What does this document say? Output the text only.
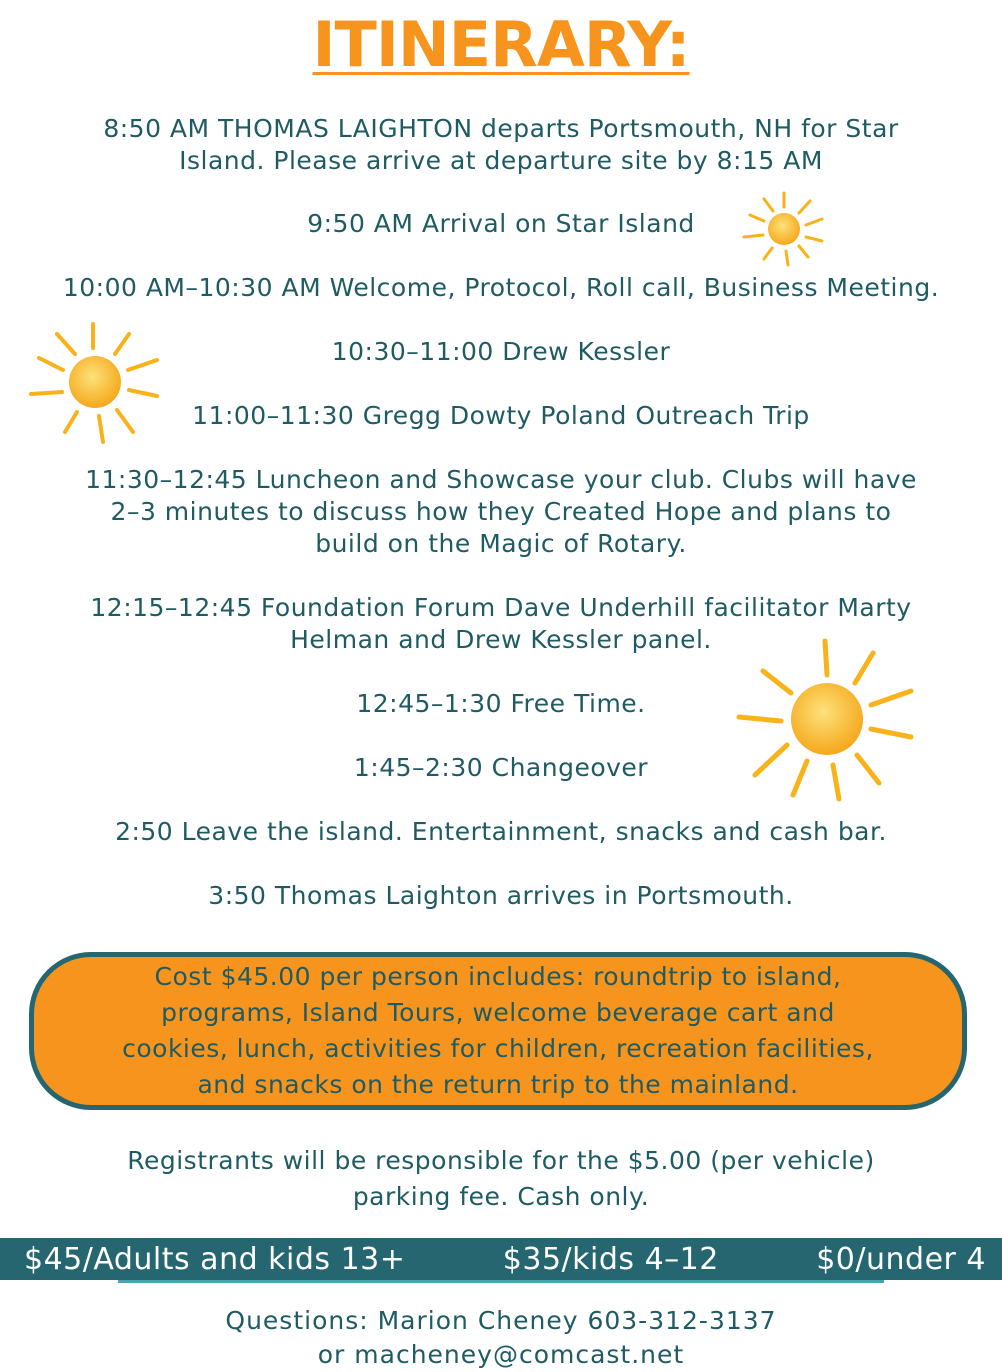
ITINERARY:
8:50 AM THOMAS LAIGHTON departs Portsmouth, NH for Star
Island. Please arrive at departure site by 8:15 AM
9:50 AM Arrival on Star Island
10:00 AM–10:30 AM Welcome, Protocol, Roll call, Business Meeting.
10:30–11:00 Drew Kessler
11:00–11:30 Gregg Dowty Poland Outreach Trip
11:30–12:45 Luncheon and Showcase your club. Clubs will have
2–3 minutes to discuss how they Created Hope and plans to
build on the Magic of Rotary.
12:15–12:45 Foundation Forum Dave Underhill facilitator Marty
Helman and Drew Kessler panel.
12:45–1:30 Free Time.
1:45–2:30 Changeover
2:50 Leave the island. Entertainment, snacks and cash bar.
3:50 Thomas Laighton arrives in Portsmouth.
Cost $45.00 per person includes: roundtrip to island,
programs, Island Tours, welcome beverage cart and
cookies, lunch, activities for children, recreation facilities,
and snacks on the return trip to the mainland.
Registrants will be responsible for the $5.00 (per vehicle)
parking fee. Cash only.
$45/Adults and kids 13+	$35/kids 4–12	$0/under 4
Questions: Marion Cheney 603-312-3137
or macheney@comcast.net
